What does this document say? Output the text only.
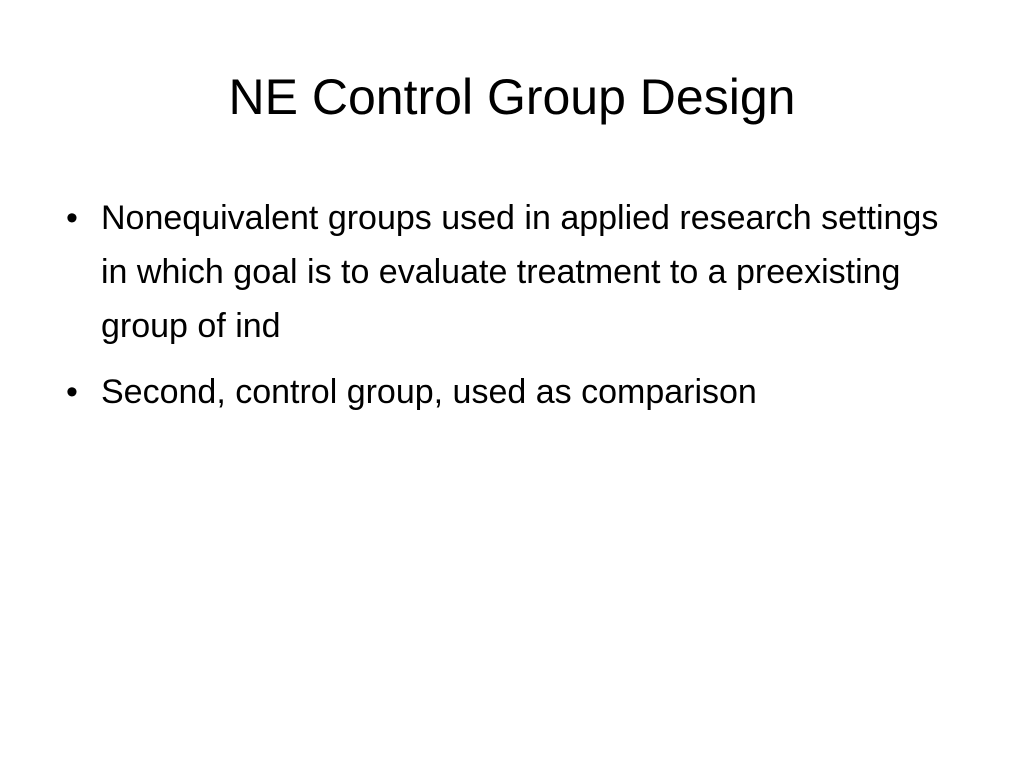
NE Control Group Design
• Nonequivalent groups used in applied research settings in which goal is to evaluate treatment to a preexisting group of ind
• Second, control group, used as comparison
